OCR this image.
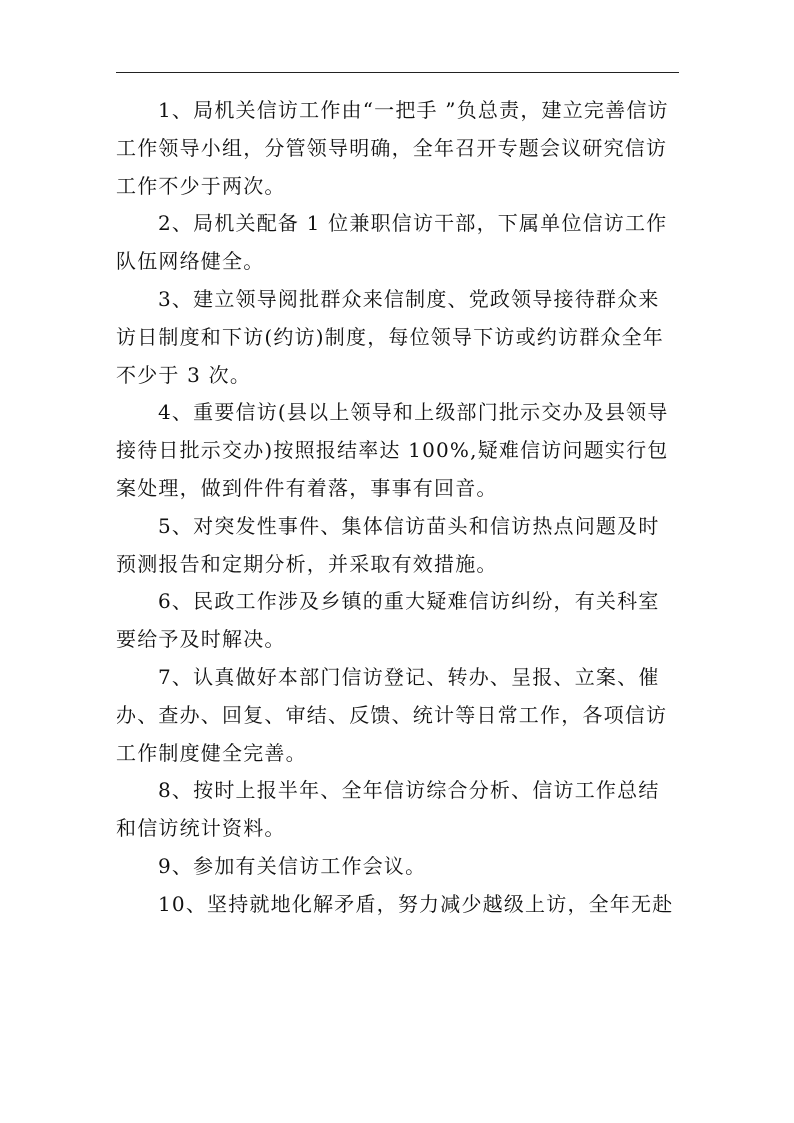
1、局机关信访工作由“一把手 ”负总责，建立完善信访工作领导小组，分管领导明确，全年召开专题会议研究信访工作不少于两次。

2、局机关配备 1 位兼职信访干部，下属单位信访工作队伍网络健全。

3、建立领导阅批群众来信制度、党政领导接待群众来访日制度和下访(约访)制度，每位领导下访或约访群众全年不少于 3 次。

4、重要信访(县以上领导和上级部门批示交办及县领导接待日批示交办)按照报结率达 100%,疑难信访问题实行包案处理，做到件件有着落，事事有回音。

5、对突发性事件、集体信访苗头和信访热点问题及时预测报告和定期分析，并采取有效措施。

6、民政工作涉及乡镇的重大疑难信访纠纷，有关科室要给予及时解决。

7、认真做好本部门信访登记、转办、呈报、立案、催办、查办、回复、审结、反馈、统计等日常工作，各项信访工作制度健全完善。

8、按时上报半年、全年信访综合分析、信访工作总结和信访统计资料。

9、参加有关信访工作会议。

10、坚持就地化解矛盾，努力减少越级上访，全年无赴
